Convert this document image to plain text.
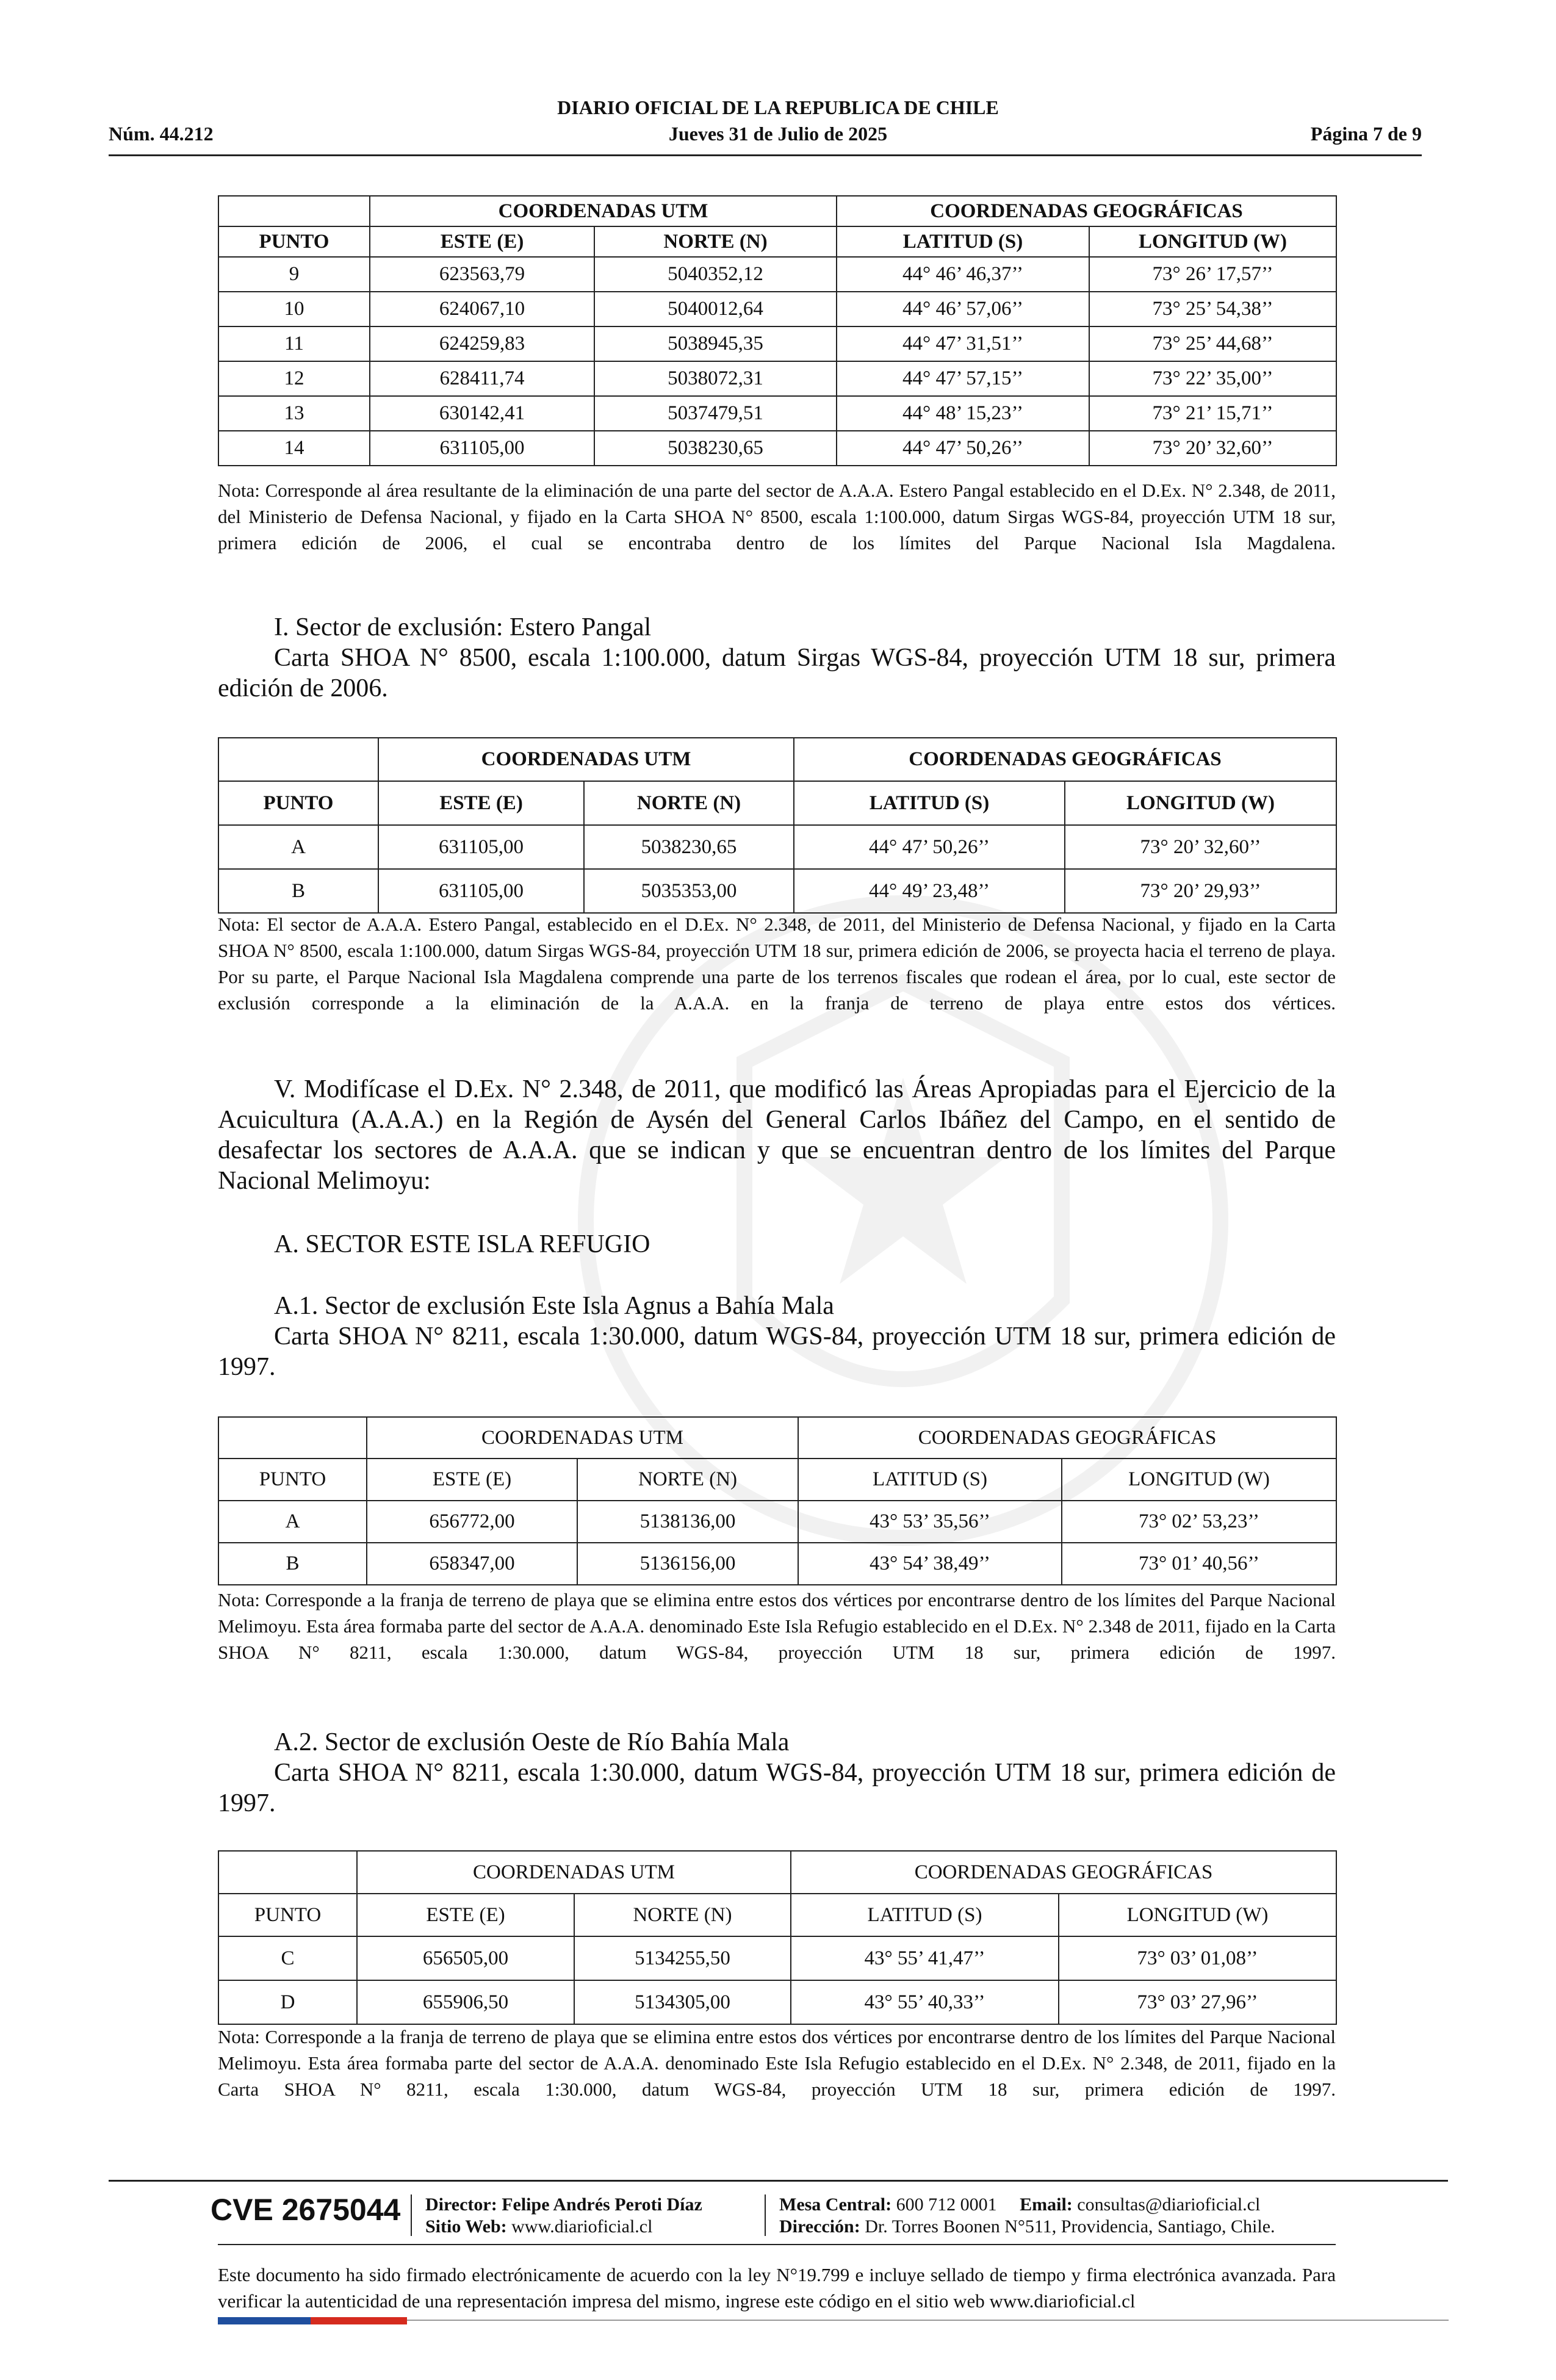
Núm. 44.212
DIARIO OFICIAL DE LA REPUBLICA DE CHILE
Jueves 31 de Julio de 2025	Página 7 de 9
	COORDENADAS UTM		COORDENADAS GEOGRÁFICAS	
PUNTO	ESTE (E)	NORTE (N)	LATITUD (S)	LONGITUD (W)
9	623563,79	5040352,12	44° 46’ 46,37’’	73° 26’ 17,57’’
10	624067,10	5040012,64	44° 46’ 57,06’’	73° 25’ 54,38’’
11	624259,83	5038945,35	44° 47’ 31,51’’	73° 25’ 44,68’’
12	628411,74	5038072,31	44° 47’ 57,15’’	73° 22’ 35,00’’
13	630142,41	5037479,51	44° 48’ 15,23’’	73° 21’ 15,71’’
14	631105,00	5038230,65	44° 47’ 50,26’’	73° 20’ 32,60’’
Nota: Corresponde al área resultante de la eliminación de una parte del sector de A.A.A. Estero Pangal establecido en el D.Ex. N° 2.348, de 2011, del Ministerio de Defensa Nacional, y fijado en la Carta SHOA N° 8500, escala 1:100.000, datum Sirgas WGS-84, proyección UTM 18 sur, primera edición de 2006, el cual se encontraba dentro de los límites del Parque Nacional Isla Magdalena.
I. Sector de exclusión: Estero Pangal
Carta SHOA N° 8500, escala 1:100.000, datum Sirgas WGS-84, proyección UTM 18 sur, primera edición de 2006.
	COORDENADAS UTM		COORDENADAS GEOGRÁFICAS	
PUNTO	ESTE (E)	NORTE (N)	LATITUD (S)	LONGITUD (W)
A	631105,00	5038230,65	44° 47’ 50,26’’	73° 20’ 32,60’’
B	631105,00	5035353,00	44° 49’ 23,48’’	73° 20’ 29,93’’
Nota: El sector de A.A.A. Estero Pangal, establecido en el D.Ex. N° 2.348, de 2011, del Ministerio de Defensa Nacional, y fijado en la Carta SHOA N° 8500, escala 1:100.000, datum Sirgas WGS-84, proyección UTM 18 sur, primera edición de 2006, se proyecta hacia el terreno de playa. Por su parte, el Parque Nacional Isla Magdalena comprende una parte de los terrenos fiscales que rodean el área, por lo cual, este sector de exclusión corresponde a la eliminación de la A.A.A. en la franja de terreno de playa entre estos dos vértices.
V. Modifícase el D.Ex. N° 2.348, de 2011, que modificó las Áreas Apropiadas para el Ejercicio de la Acuicultura (A.A.A.) en la Región de Aysén del General Carlos Ibáñez del Campo, en el sentido de desafectar los sectores de A.A.A. que se indican y que se encuentran dentro de los límites del Parque Nacional Melimoyu:
A. SECTOR ESTE ISLA REFUGIO
A.1. Sector de exclusión Este Isla Agnus a Bahía Mala
Carta SHOA N° 8211, escala 1:30.000, datum WGS-84, proyección UTM 18 sur, primera edición de 1997.
	COORDENADAS UTM		COORDENADAS GEOGRÁFICAS	
PUNTO	ESTE (E)	NORTE (N)	LATITUD (S)	LONGITUD (W)
A	656772,00	5138136,00	43° 53’ 35,56’’	73° 02’ 53,23’’
B	658347,00	5136156,00	43° 54’ 38,49’’	73° 01’ 40,56’’
Nota: Corresponde a la franja de terreno de playa que se elimina entre estos dos vértices por encontrarse dentro de los límites del Parque Nacional Melimoyu. Esta área formaba parte del sector de A.A.A. denominado Este Isla Refugio establecido en el D.Ex. N° 2.348 de 2011, fijado en la Carta SHOA N° 8211, escala 1:30.000, datum WGS-84, proyección UTM 18 sur, primera edición de 1997.
A.2. Sector de exclusión Oeste de Río Bahía Mala
Carta SHOA N° 8211, escala 1:30.000, datum WGS-84, proyección UTM 18 sur, primera edición de 1997.
	COORDENADAS UTM		COORDENADAS GEOGRÁFICAS	
PUNTO	ESTE (E)	NORTE (N)	LATITUD (S)	LONGITUD (W)
C	656505,00	5134255,50	43° 55’ 41,47’’	73° 03’ 01,08’’
D	655906,50	5134305,00	43° 55’ 40,33’’	73° 03’ 27,96’’
Nota: Corresponde a la franja de terreno de playa que se elimina entre estos dos vértices por encontrarse dentro de los límites del Parque Nacional Melimoyu. Esta área formaba parte del sector de A.A.A. denominado Este Isla Refugio establecido en el D.Ex. N° 2.348, de 2011, fijado en la Carta SHOA N° 8211, escala 1:30.000, datum WGS-84, proyección UTM 18 sur, primera edición de 1997.
CVE 2675044 Director: Felipe Andrés Peroti Díaz
Sitio Web: www.diarioficial.cl
Mesa Central: 600 712 0001 Email: consultas@diarioficial.cl
Dirección: Dr. Torres Boonen N°511, Providencia, Santiago, Chile.
Este documento ha sido firmado electrónicamente de acuerdo con la ley N°19.799 e incluye sellado de tiempo y firma electrónica avanzada. Para verificar la autenticidad de una representación impresa del mismo, ingrese este código en el sitio web www.diarioficial.cl
